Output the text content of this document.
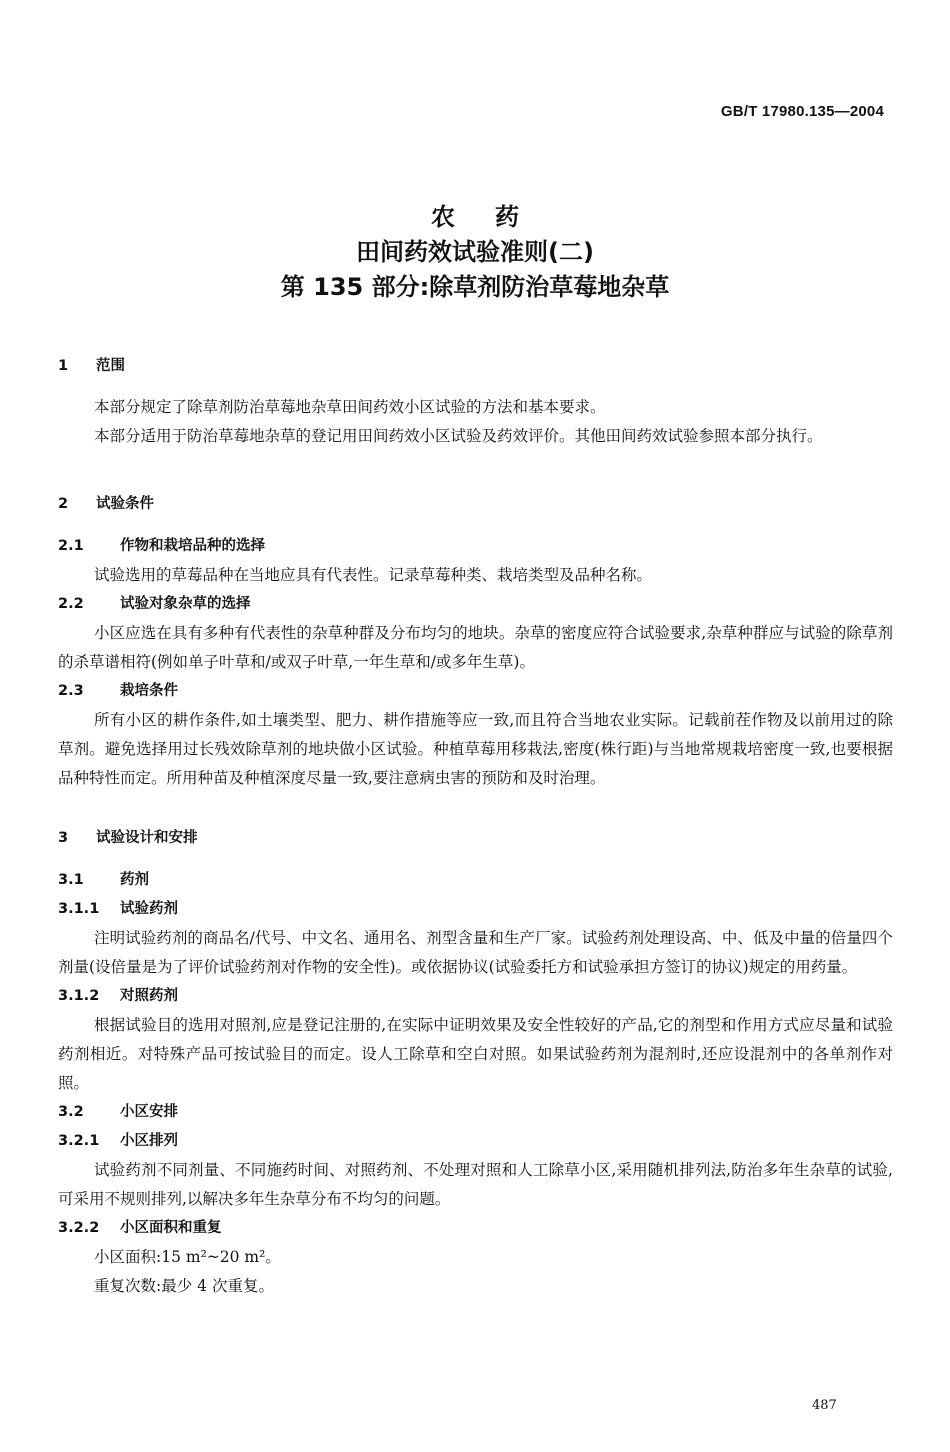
GB/T 17980.135—2004
农药
田间药效试验准则(二)
第 135 部分:除草剂防治草莓地杂草
1 范围
本部分规定了除草剂防治草莓地杂草田间药效小区试验的方法和基本要求。
本部分适用于防治草莓地杂草的登记用田间药效小区试验及药效评价。其他田间药效试验参照本部分执行。
2 试验条件
2.1	作物和栽培品种的选择
试验选用的草莓品种在当地应具有代表性。记录草莓种类、栽培类型及品种名称。
2.2	试验对象杂草的选择
小区应选在具有多种有代表性的杂草种群及分布均匀的地块。杂草的密度应符合试验要求,杂草种群应与试验的除草剂的杀草谱相符(例如单子叶草和/或双子叶草,一年生草和/或多年生草)。
2.3	栽培条件
所有小区的耕作条件,如土壤类型、肥力、耕作措施等应一致,而且符合当地农业实际。记载前茬作物及以前用过的除草剂。避免选择用过长残效除草剂的地块做小区试验。种植草莓用移栽法,密度(株行距)与当地常规栽培密度一致,也要根据品种特性而定。所用种苗及种植深度尽量一致,要注意病虫害的预防和及时治理。
3 试验设计和安排
3.1	药剂
3.1.1 试验药剂
注明试验药剂的商品名/代号、中文名、通用名、剂型含量和生产厂家。试验药剂处理设高、中、低及中量的倍量四个剂量(设倍量是为了评价试验药剂对作物的安全性)。或依据协议(试验委托方和试验承担方签订的协议)规定的用药量。
3.1.2 对照药剂
根据试验目的选用对照剂,应是登记注册的,在实际中证明效果及安全性较好的产品,它的剂型和作用方式应尽量和试验药剂相近。对特殊产品可按试验目的而定。设人工除草和空白对照。如果试验药剂为混剂时,还应设混剂中的各单剂作对照。
3.2	小区安排
3.2.1 小区排列
试验药剂不同剂量、不同施药时间、对照药剂、不处理对照和人工除草小区,采用随机排列法,防治多年生杂草的试验,可采用不规则排列,以解决多年生杂草分布不均匀的问题。
3.2.2 小区面积和重复
小区面积:15 m²~20 m²。
重复次数:最少 4 次重复。
487
